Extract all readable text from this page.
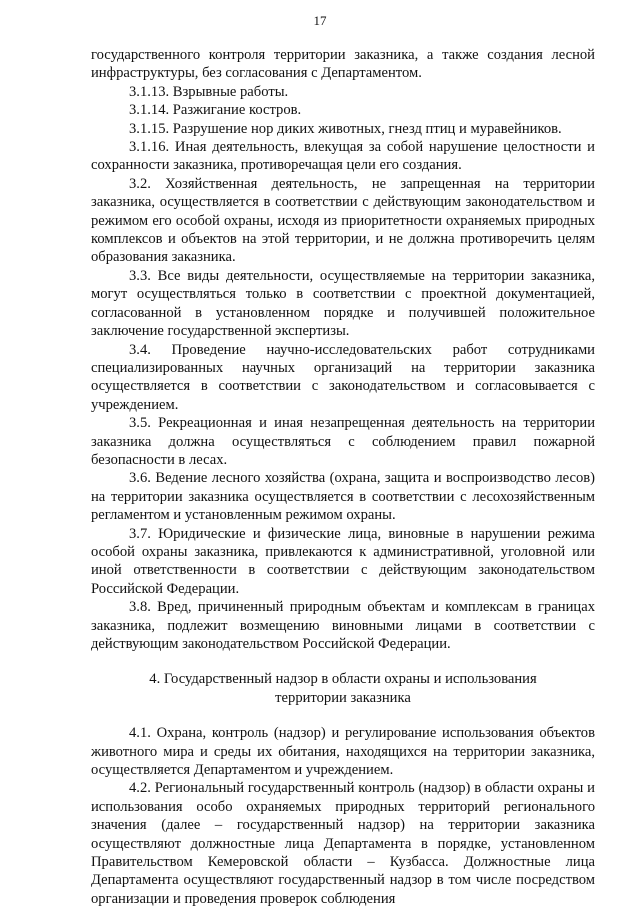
17

государственного контроля территории заказника, а также создания лесной инфраструктуры, без согласования с Департаментом.

3.1.13. Взрывные работы.

3.1.14. Разжигание костров.

3.1.15. Разрушение нор диких животных, гнезд птиц и муравейников.

3.1.16. Иная деятельность, влекущая за собой нарушение целостности и сохранности заказника, противоречащая цели его создания.

3.2. Хозяйственная деятельность, не запрещенная на территории заказника, осуществляется в соответствии с действующим законодательством и режимом его особой охраны, исходя из приоритетности охраняемых природных комплексов и объектов на этой территории, и не должна противоречить целям образования заказника.

3.3. Все виды деятельности, осуществляемые на территории заказника, могут осуществляться только в соответствии с проектной документацией, согласованной в установленном порядке и получившей положительное заключение государственной экспертизы.

3.4. Проведение научно-исследовательских работ сотрудниками специализированных научных организаций на территории заказника осуществляется в соответствии с законодательством и согласовывается с учреждением.

3.5. Рекреационная и иная незапрещенная деятельность на территории заказника должна осуществляться с соблюдением правил пожарной безопасности в лесах.

3.6. Ведение лесного хозяйства (охрана, защита и воспроизводство лесов) на территории заказника осуществляется в соответствии с лесохозяйственным регламентом и установленным режимом охраны.

3.7. Юридические и физические лица, виновные в нарушении режима особой охраны заказника, привлекаются к административной, уголовной или иной ответственности в соответствии с действующим законодательством Российской Федерации.

3.8. Вред, причиненный природным объектам и комплексам в границах заказника, подлежит возмещению виновными лицами в соответствии с действующим законодательством Российской Федерации.

4. Государственный надзор в области охраны и использования
территории заказника

4.1. Охрана, контроль (надзор) и регулирование использования объектов животного мира и среды их обитания, находящихся на территории заказника, осуществляется Департаментом и учреждением.

4.2. Региональный государственный контроль (надзор) в области охраны и использования особо охраняемых природных территорий регионального значения (далее – государственный надзор) на территории заказника осуществляют должностные лица Департамента в порядке, установленном Правительством Кемеровской области – Кузбасса. Должностные лица Департамента осуществляют государственный надзор в том числе посредством организации и проведения проверок соблюдения
